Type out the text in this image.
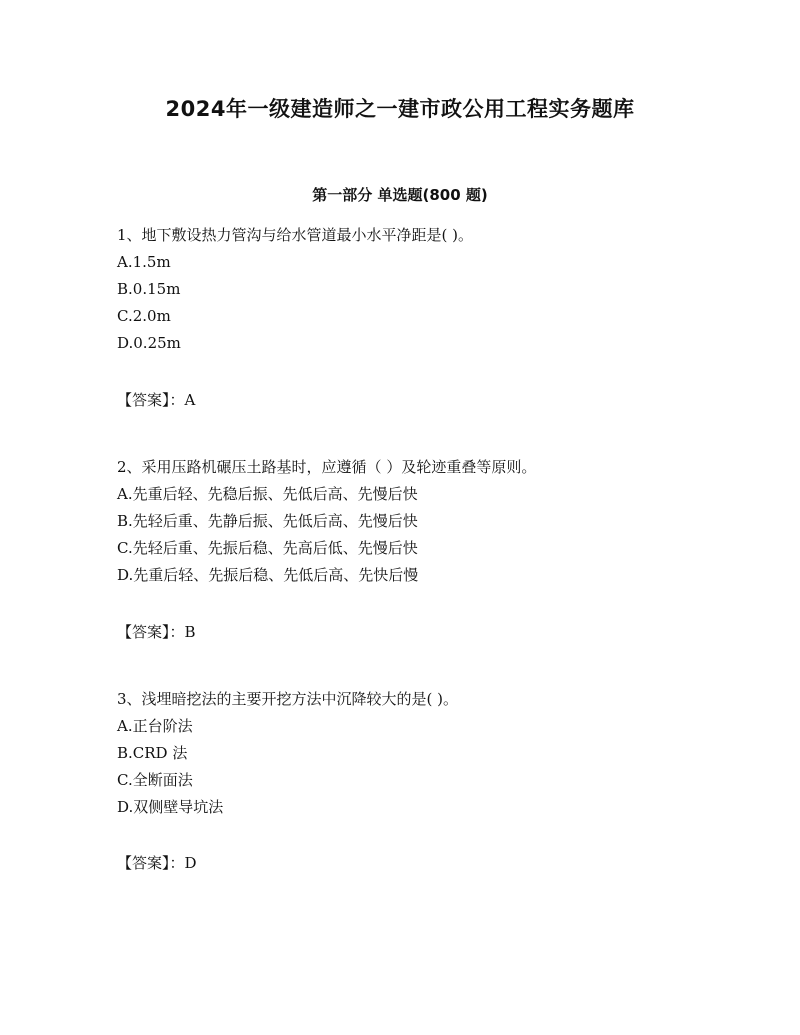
2024年一级建造师之一建市政公用工程实务题库
第一部分 单选题(800 题)

1、地下敷设热力管沟与给水管道最小水平净距是( )。

A.1.5m

B.0.15m

C.2.0m

D.0.25m

【答案】：A

2、采用压路机碾压土路基时，应遵循（ ）及轮迹重叠等原则。

A.先重后轻、先稳后振、先低后高、先慢后快

B.先轻后重、先静后振、先低后高、先慢后快

C.先轻后重、先振后稳、先高后低、先慢后快

D.先重后轻、先振后稳、先低后高、先快后慢

【答案】：B

3、浅埋暗挖法的主要开挖方法中沉降较大的是( )。

A.正台阶法

B.CRD 法

C.全断面法

D.双侧壁导坑法

【答案】：D
